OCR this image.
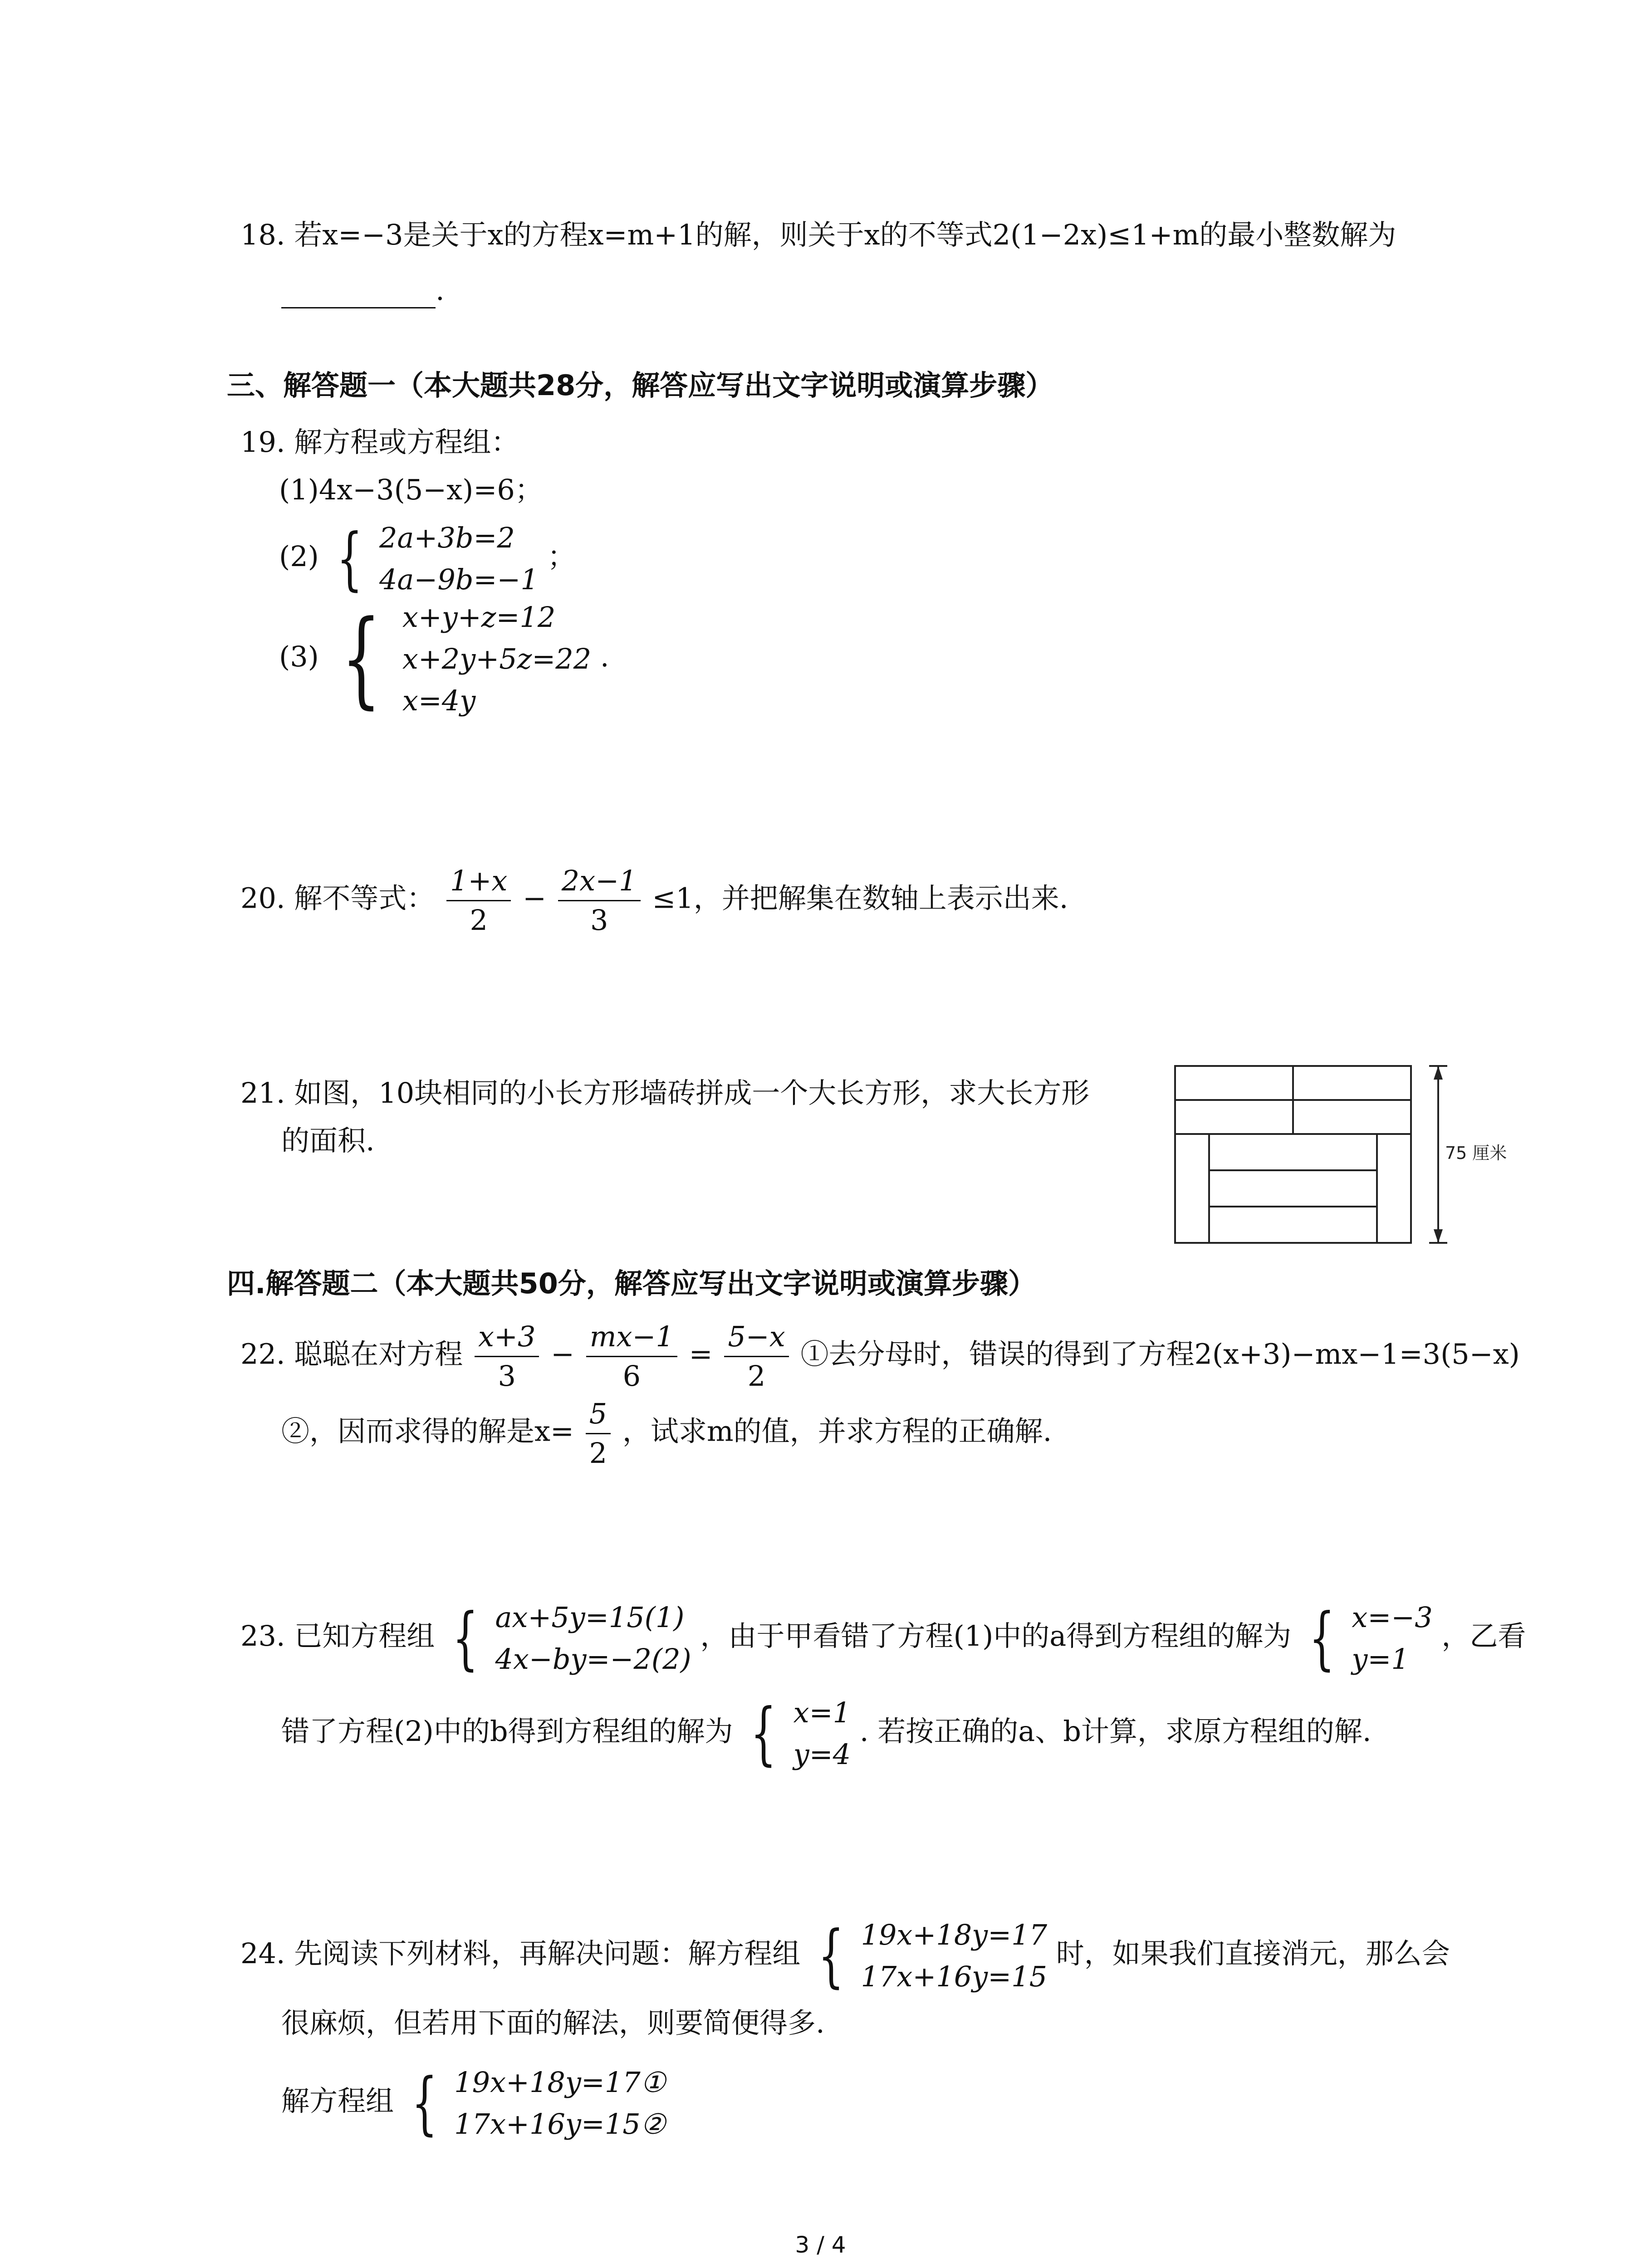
18. 若x=−3是关于x的方程x=m+1的解，则关于x的不等式2(1−2x)≤1+m的最小整数解为
.
三、解答题一（本大题共28分，解答应写出文字说明或演算步骤）
19. 解方程或方程组：
(1)4x−3(5−x)=6；
(2) { 2a+3b=2
4a−9b=−1
；
(3) { x+y+z=12
x+2y+5z=22
x=4y
.
20. 解不等式： $\frac{1+x}{2} - \frac{2x-1}{3} \le 1$，并把解集在数轴上表示出来.
21. 如图，10块相同的小长方形墙砖拼成一个大长方形，求大长方形
的面积.	75 厘米
四.解答题二（本大题共50分，解答应写出文字说明或演算步骤）
22. 聪聪在对方程 $\frac{x+3}{3} - \frac{mx-1}{6} = \frac{5-x}{2}$ ①去分母时，错误的得到了方程2(x+3)−mx−1=3(5−x)
②，因而求得的解是$x= \frac{5}{2}$ ，试求m的值，并求方程的正确解.
23. 已知方程组 { ax+5y=15(1)
4x−by=−2(2)
，由于甲看错了方程(1)中的a得到方程组的解为 { x=−3
y=1
，乙看
错了方程(2)中的b得到方程组的解为 { x=1
y=4
. 若按正确的a、b计算，求原方程组的解.
24. 先阅读下列材料，再解决问题：解方程组 { 19x+18y=17
17x+16y=15
时，如果我们直接消元，那么会
很麻烦，但若用下面的解法，则要简便得多.
解方程组 { 19x+18y=17①
17x+16y=15②
3 / 4
